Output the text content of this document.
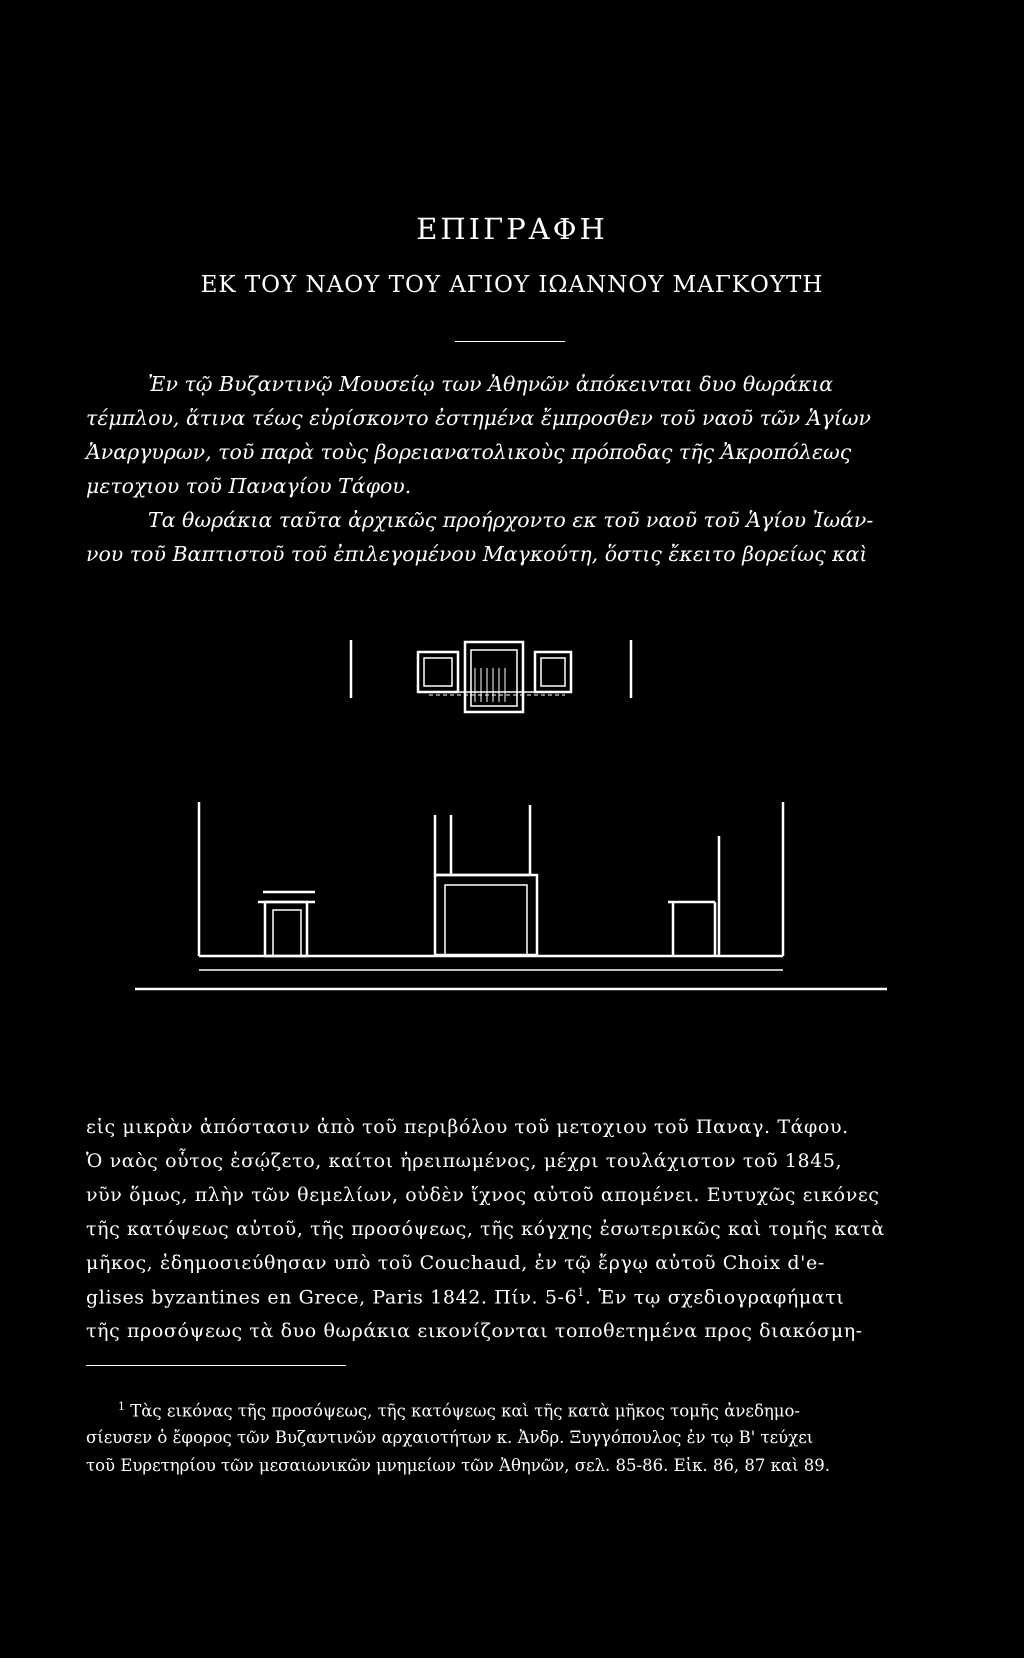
ΕΠΙΓΡΑΦΗ
ΕΚ ΤΟΥ ΝΑΟΥ ΤΟΥ ΑΓΙΟΥ ΙΩΑΝΝΟΥ ΜΑΓΚΟΥΤΗ
Ἐν τῷ Βυζαντινῷ Μουσείῳ των Ἀθηνῶν ἀπόκειvται δυο θωράκια
τέμπλου, ἅτινα τέως εὑρίσκοντο ἐστημένα ἔμπροσθεν τοῦ ναοῦ τῶν Ἁγίων
Ἀναργυρων, τοῦ παρὰ τοὺς βορειανατολικοὺς πρόποδας τῆς Ἀκροπόλεως
μετοχιου τοῦ Παναγίου Τάφου.
Τα θωράκια ταῦτα ἀρχικῶς προήρχοντο εκ τοῦ ναοῦ τοῦ Ἁγίου Ἰωάν-
νου τοῦ Βαπτιστοῦ τοῦ ἐπιλεγομένου Μαγκούτη, ὅστις ἔκειτο βορείως καὶ
εἰς μικρὰν ἀπόστασιν ἀπὸ τοῦ περιβόλου τοῦ μετοχιου τοῦ Παναγ. Τάφου.
Ὁ ναὸς οὗτος ἐσῴζετο, καίτοι ἠρειπωμένος, μέχρι τουλάχιστον τοῦ 1845,
νῦν ὅμως, πλὴν τῶν θεμελίων, οὐδὲν ἴχνος αὐτοῦ απομένει. Ευτυχῶς εικόνες
τῆς κατόψεως αὐτοῦ, τῆς προσόψεως, τῆς κόγχης ἐσωτερικῶς καὶ τομῆς κατὰ
μῆκος, ἐδημοσιεύθησαν υπὸ τοῦ Couchaud, ἐν τῷ ἔργῳ αὐτοῦ Choix d'e-
glises byzantines en Grece, Paris 1842. Πίν. 5-6$^1$. Ἐν τῳ σχεδιογραφήματι
τῆς προσόψεως τὰ δυο θωράκια εικονίζονται τοποθετημένα προς διακόσμη-
$^1$ Τὰς εικόνας τῆς προσόψεως, τῆς κατόψεως καὶ τῆς κατὰ μῆκος τομῆς ἀνεδημο-
σίευσεν ὁ ἔφορος τῶν Βυζαντινῶν αρχαιοτήτων κ. Ἀνδρ. Ξυγγόπουλος ἐν τῳ Β' τεύχει
τοῦ Ευρετηρίου τῶν μεσαιωνικῶν μνημείων τῶν Ἀθηνῶν, σελ. 85-86. Εἰκ. 86, 87 καὶ 89.
